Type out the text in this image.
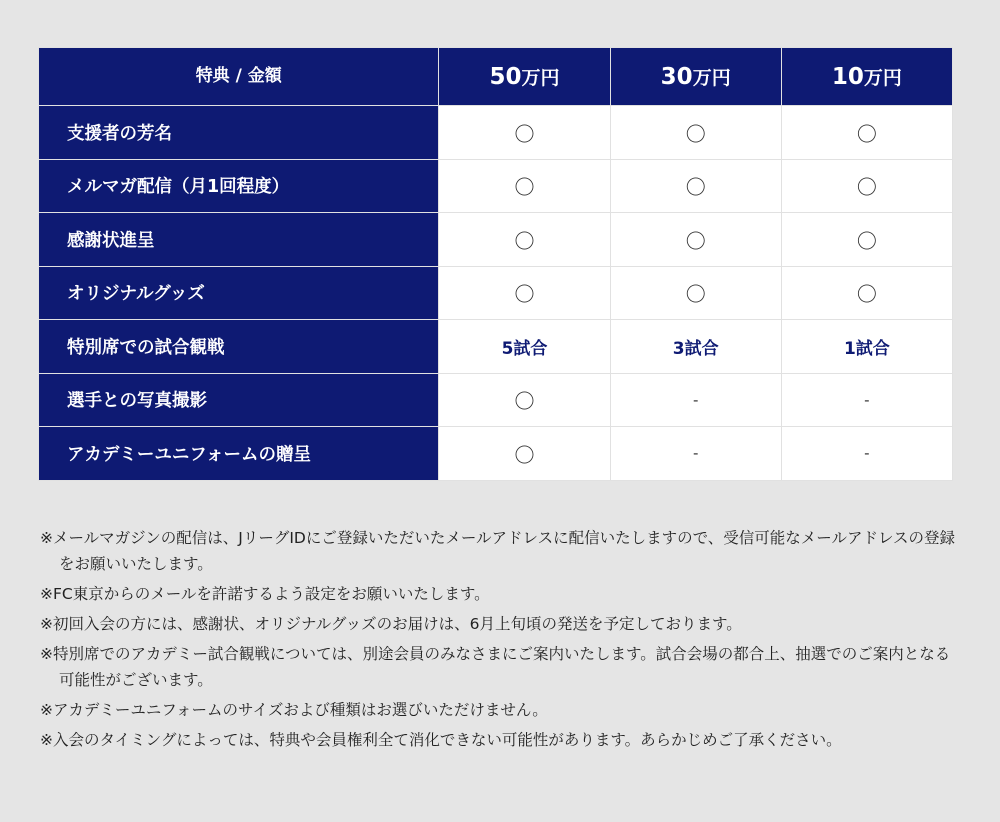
特典 / 金額	50万円	30万円	10万円
支援者の芳名	〇	〇	〇
メルマガ配信（月1回程度）	〇	〇	〇
感謝状進呈	〇	〇	〇
オリジナルグッズ	〇	〇	〇
特別席での試合観戦	5試合	3試合	1試合
選手との写真撮影	〇	-	-
アカデミーユニフォームの贈呈	〇	-	-
※メールマガジンの配信は、JリーグIDにご登録いただいたメールアドレスに配信いたしますので、受信可能なメールアドレスの登録をお願いいたします。
※FC東京からのメールを許諾するよう設定をお願いいたします。
※初回入会の方には、感謝状、オリジナルグッズのお届けは、6月上旬頃の発送を予定しております。
※特別席でのアカデミー試合観戦については、別途会員のみなさまにご案内いたします。試合会場の都合上、抽選でのご案内となる可能性がございます。
※アカデミーユニフォームのサイズおよび種類はお選びいただけません。
※入会のタイミングによっては、特典や会員権利全て消化できない可能性があります。あらかじめご了承ください。
